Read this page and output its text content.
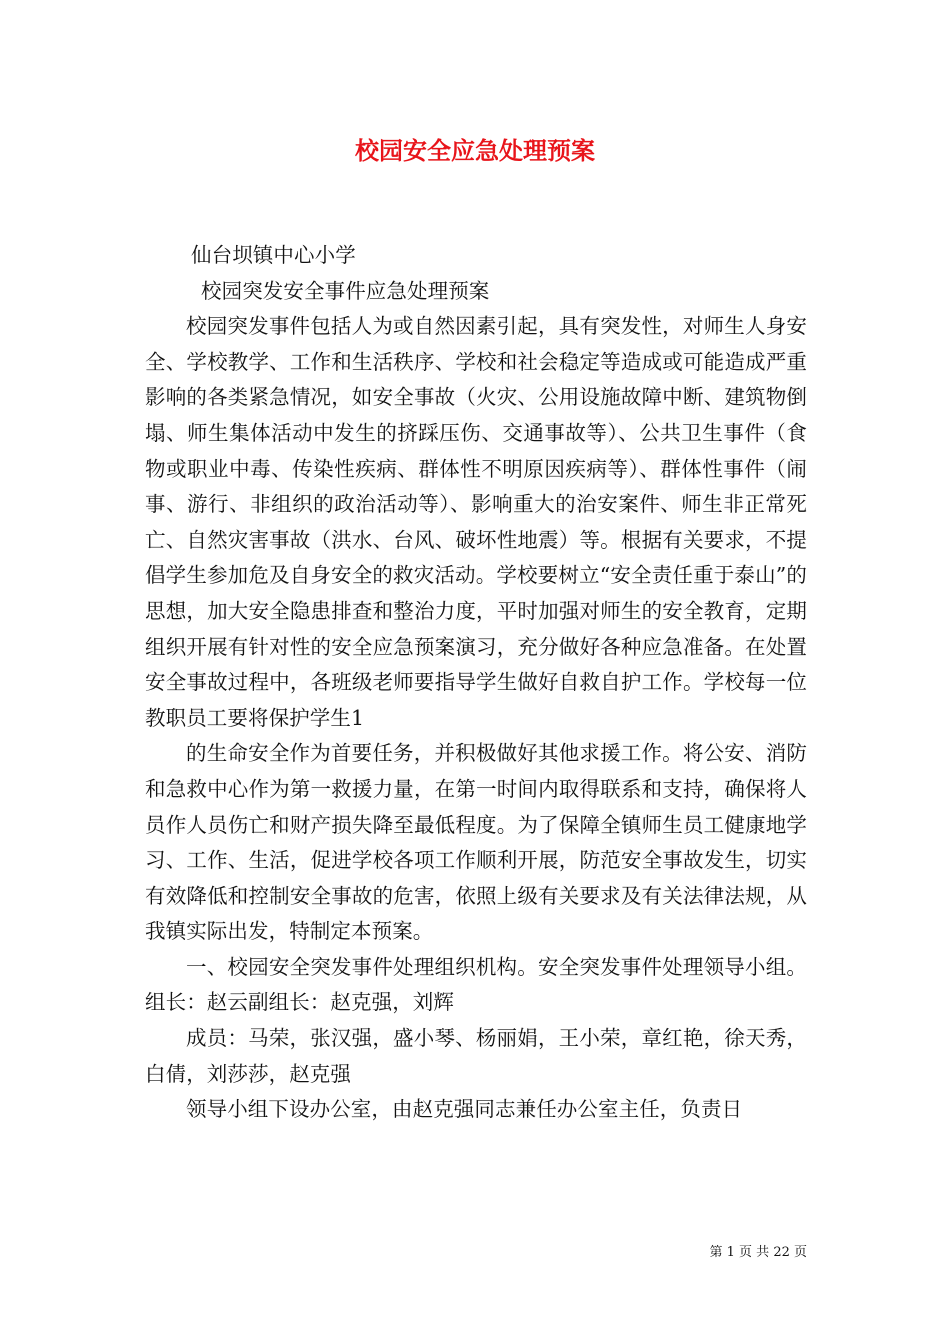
校园安全应急处理预案

仙台坝镇中心小学

校园突发安全事件应急处理预案

校园突发事件包括人为或自然因素引起，具有突发性，对师生人身安全、学校教学、工作和生活秩序、学校和社会稳定等造成或可能造成严重影响的各类紧急情况，如安全事故（火灾、公用设施故障中断、建筑物倒塌、师生集体活动中发生的挤踩压伤、交通事故等）、公共卫生事件（食物或职业中毒、传染性疾病、群体性不明原因疾病等）、群体性事件（闹事、游行、非组织的政治活动等）、影响重大的治安案件、师生非正常死亡、自然灾害事故（洪水、台风、破坏性地震）等。根据有关要求，不提倡学生参加危及自身安全的救灾活动。学校要树立“安全责任重于泰山”的思想，加大安全隐患排查和整治力度，平时加强对师生的安全教育，定期组织开展有针对性的安全应急预案演习，充分做好各种应急准备。在处置安全事故过程中，各班级老师要指导学生做好自救自护工作。学校每一位教职员工要将保护学生1

的生命安全作为首要任务，并积极做好其他求援工作。将公安、消防和急救中心作为第一救援力量，在第一时间内取得联系和支持，确保将人员作人员伤亡和财产损失降至最低程度。为了保障全镇师生员工健康地学习、工作、生活，促进学校各项工作顺利开展，防范安全事故发生，切实有效降低和控制安全事故的危害，依照上级有关要求及有关法律法规，从我镇实际出发，特制定本预案。

一、校园安全突发事件处理组织机构。安全突发事件处理领导小组。组长：赵云副组长：赵克强，刘辉

成员：马荣，张汉强，盛小琴、杨丽娟，王小荣，章红艳，徐天秀，白倩，刘莎莎，赵克强

领导小组下设办公室，由赵克强同志兼任办公室主任，负责日

第 1 页 共 22 页
